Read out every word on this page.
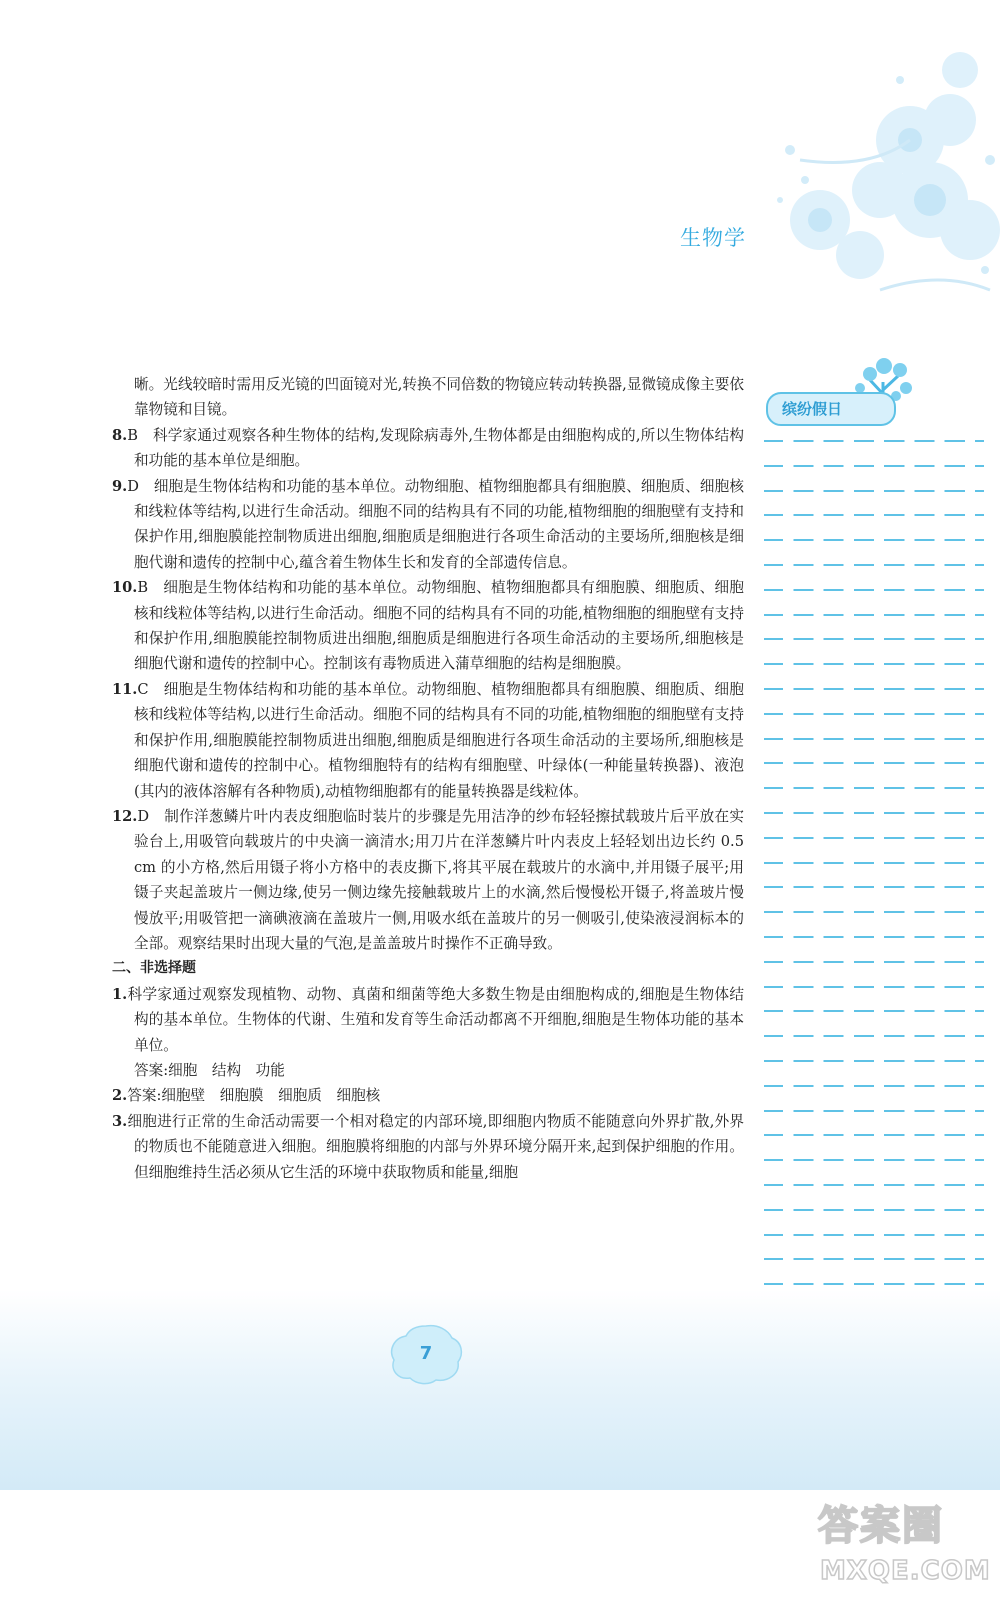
生物学

晰。光线较暗时需用反光镜的凹面镜对光,转换不同倍数的物镜应转动转换器,显微镜成像主要依靠物镜和目镜。

8.B　科学家通过观察各种生物体的结构,发现除病毒外,生物体都是由细胞构成的,所以生物体结构和功能的基本单位是细胞。

9.D　细胞是生物体结构和功能的基本单位。动物细胞、植物细胞都具有细胞膜、细胞质、细胞核和线粒体等结构,以进行生命活动。细胞不同的结构具有不同的功能,植物细胞的细胞壁有支持和保护作用,细胞膜能控制物质进出细胞,细胞质是细胞进行各项生命活动的主要场所,细胞核是细胞代谢和遗传的控制中心,蕴含着生物体生长和发育的全部遗传信息。

10.B　细胞是生物体结构和功能的基本单位。动物细胞、植物细胞都具有细胞膜、细胞质、细胞核和线粒体等结构,以进行生命活动。细胞不同的结构具有不同的功能,植物细胞的细胞壁有支持和保护作用,细胞膜能控制物质进出细胞,细胞质是细胞进行各项生命活动的主要场所,细胞核是细胞代谢和遗传的控制中心。控制该有毒物质进入蒲草细胞的结构是细胞膜。

11.C　细胞是生物体结构和功能的基本单位。动物细胞、植物细胞都具有细胞膜、细胞质、细胞核和线粒体等结构,以进行生命活动。细胞不同的结构具有不同的功能,植物细胞的细胞壁有支持和保护作用,细胞膜能控制物质进出细胞,细胞质是细胞进行各项生命活动的主要场所,细胞核是细胞代谢和遗传的控制中心。植物细胞特有的结构有细胞壁、叶绿体(一种能量转换器)、液泡(其内的液体溶解有各种物质),动植物细胞都有的能量转换器是线粒体。

12.D　制作洋葱鳞片叶内表皮细胞临时装片的步骤是先用洁净的纱布轻轻擦拭载玻片后平放在实验台上,用吸管向载玻片的中央滴一滴清水;用刀片在洋葱鳞片叶内表皮上轻轻划出边长约 0.5 cm 的小方格,然后用镊子将小方格中的表皮撕下,将其平展在载玻片的水滴中,并用镊子展平;用镊子夹起盖玻片一侧边缘,使另一侧边缘先接触载玻片上的水滴,然后慢慢松开镊子,将盖玻片慢慢放平;用吸管把一滴碘液滴在盖玻片一侧,用吸水纸在盖玻片的另一侧吸引,使染液浸润标本的全部。观察结果时出现大量的气泡,是盖盖玻片时操作不正确导致。

二、非选择题

1.科学家通过观察发现植物、动物、真菌和细菌等绝大多数生物是由细胞构成的,细胞是生物体结构的基本单位。生物体的代谢、生殖和发育等生命活动都离不开细胞,细胞是生物体功能的基本单位。

答案:细胞　结构　功能

2.答案:细胞壁　细胞膜　细胞质　细胞核

3.细胞进行正常的生命活动需要一个相对稳定的内部环境,即细胞内物质不能随意向外界扩散,外界的物质也不能随意进入细胞。细胞膜将细胞的内部与外界环境分隔开来,起到保护细胞的作用。但细胞维持生活必须从它生活的环境中获取物质和能量,细胞

缤纷假日
7
答案圈
MXQE.COM
